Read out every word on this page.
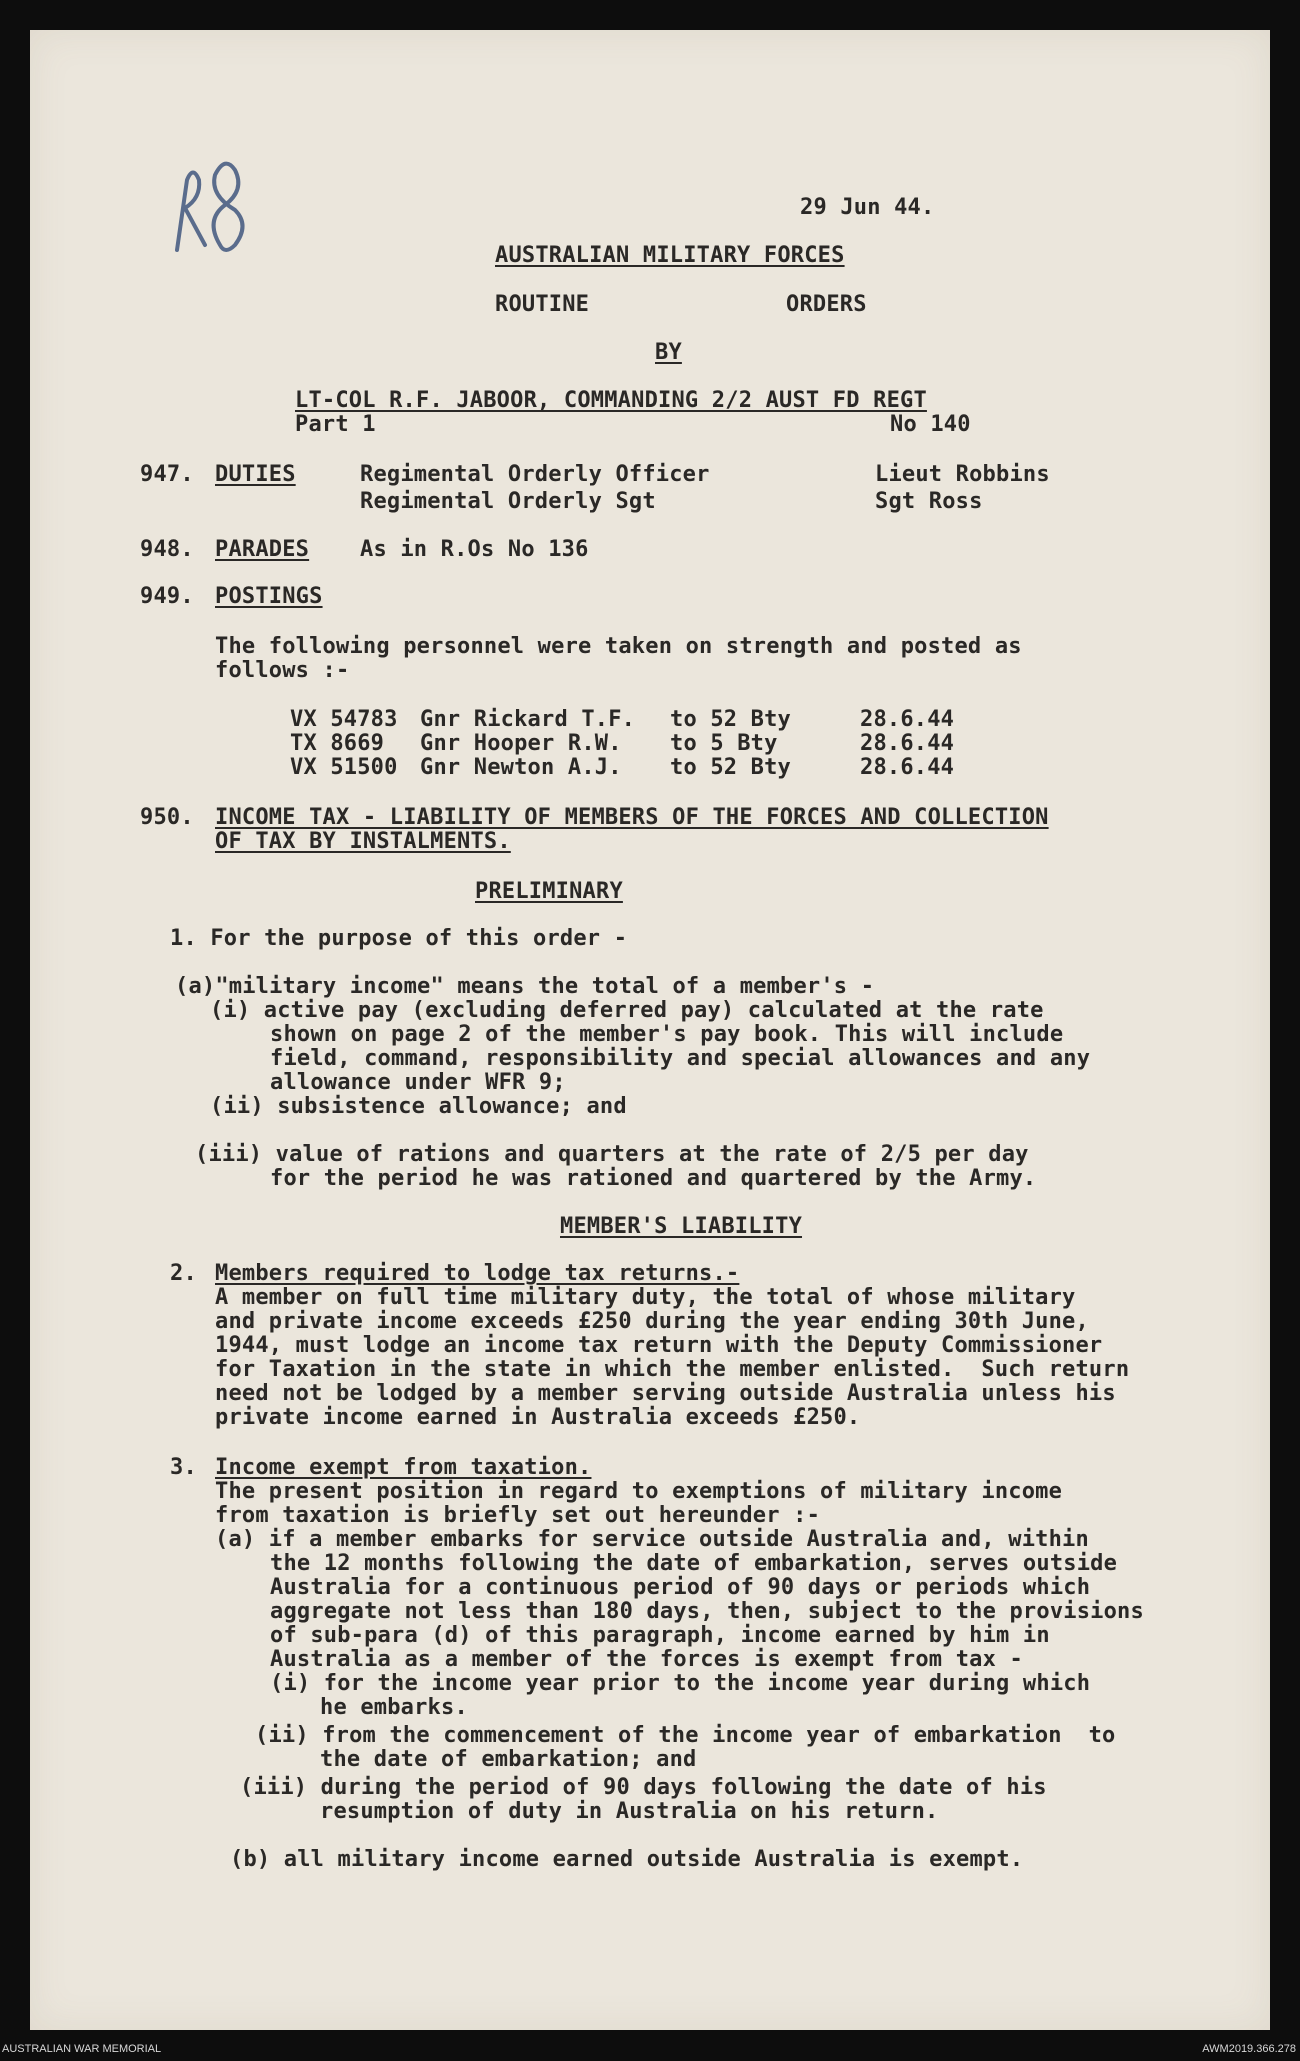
29 Jun 44.
AUSTRALIAN MILITARY FORCES
ROUTINE	ORDERS
BY
LT-COL R.F. JABOOR, COMMANDING 2/2 AUST FD REGT
Part 1	No 140
947. DUTIES	Regimental Orderly Officer	Lieut Robbins
Regimental Orderly Sgt	Sgt Ross
948. PARADES As in R.Os No 136
949. POSTINGS
The following personnel were taken on strength and posted as
follows :-
VX 54783 Gnr Rickard T.F. to 52 Bty	28.6.44
TX 8669 Gnr Hooper R.W. to 5 Bty	28.6.44
VX 51500 Gnr Newton A.J. to 52 Bty	28.6.44
950. INCOME TAX - LIABILITY OF MEMBERS OF THE FORCES AND COLLECTION
OF TAX BY INSTALMENTS.
PRELIMINARY
1. For the purpose of this order -
(a)"military income" means the total of a member's -
(i) active pay (excluding deferred pay) calculated at the rate
shown on page 2 of the member's pay book. This will include
field, command, responsibility and special allowances and any
allowance under WFR 9;
(ii) subsistence allowance; and
(iii) value of rations and quarters at the rate of 2/5 per day
for the period he was rationed and quartered by the Army.
MEMBER'S LIABILITY
2. Members required to lodge tax returns.-
A member on full time military duty, the total of whose military
and private income exceeds £250 during the year ending 30th June,
1944, must lodge an income tax return with the Deputy Commissioner
for Taxation in the state in which the member enlisted.  Such return
need not be lodged by a member serving outside Australia unless his
private income earned in Australia exceeds £250.
3. Income exempt from taxation.
The present position in regard to exemptions of military income
from taxation is briefly set out hereunder :-
(a) if a member embarks for service outside Australia and, within
the 12 months following the date of embarkation, serves outside
Australia for a continuous period of 90 days or periods which
aggregate not less than 180 days, then, subject to the provisions
of sub-para (d) of this paragraph, income earned by him in
Australia as a member of the forces is exempt from tax -
(i) for the income year prior to the income year during which
he embarks.
(ii) from the commencement of the income year of embarkation  to
the date of embarkation; and
(iii) during the period of 90 days following the date of his
resumption of duty in Australia on his return.
(b) all military income earned outside Australia is exempt.
AUSTRALIAN WAR MEMORIAL	AWM2019.366.278
